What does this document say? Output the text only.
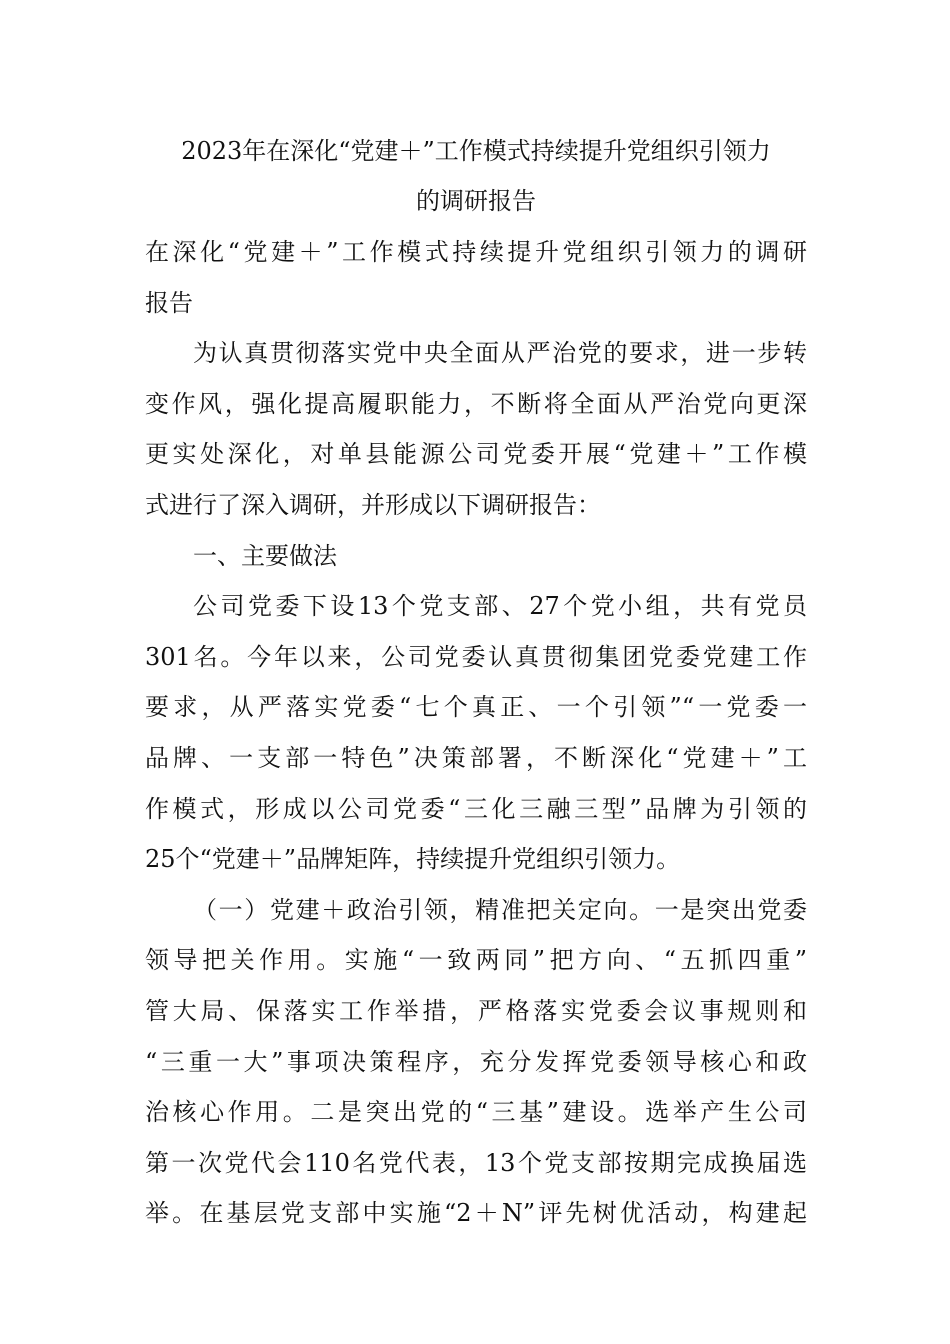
2023年在深化“党建＋”工作模式持续提升党组织引领力
的调研报告
在深化“党建＋”工作模式持续提升党组织引领力的调研
报告
为认真贯彻落实党中央全面从严治党的要求，进一步转
变作风，强化提高履职能力，不断将全面从严治党向更深
更实处深化，对单县能源公司党委开展“党建＋”工作模
式进行了深入调研，并形成以下调研报告：
一、主要做法
公司党委下设13个党支部、27个党小组，共有党员
301名。今年以来，公司党委认真贯彻集团党委党建工作
要求，从严落实党委“七个真正、一个引领”“一党委一
品牌、一支部一特色”决策部署，不断深化“党建＋”工
作模式，形成以公司党委“三化三融三型”品牌为引领的
25个“党建＋”品牌矩阵，持续提升党组织引领力。
（一）党建＋政治引领，精准把关定向。一是突出党委
领导把关作用。实施“一致两同”把方向、“五抓四重”
管大局、保落实工作举措，严格落实党委会议事规则和
“三重一大”事项决策程序，充分发挥党委领导核心和政
治核心作用。二是突出党的“三基”建设。选举产生公司
第一次党代会110名党代表，13个党支部按期完成换届选
举。在基层党支部中实施“2＋N”评先树优活动，构建起
